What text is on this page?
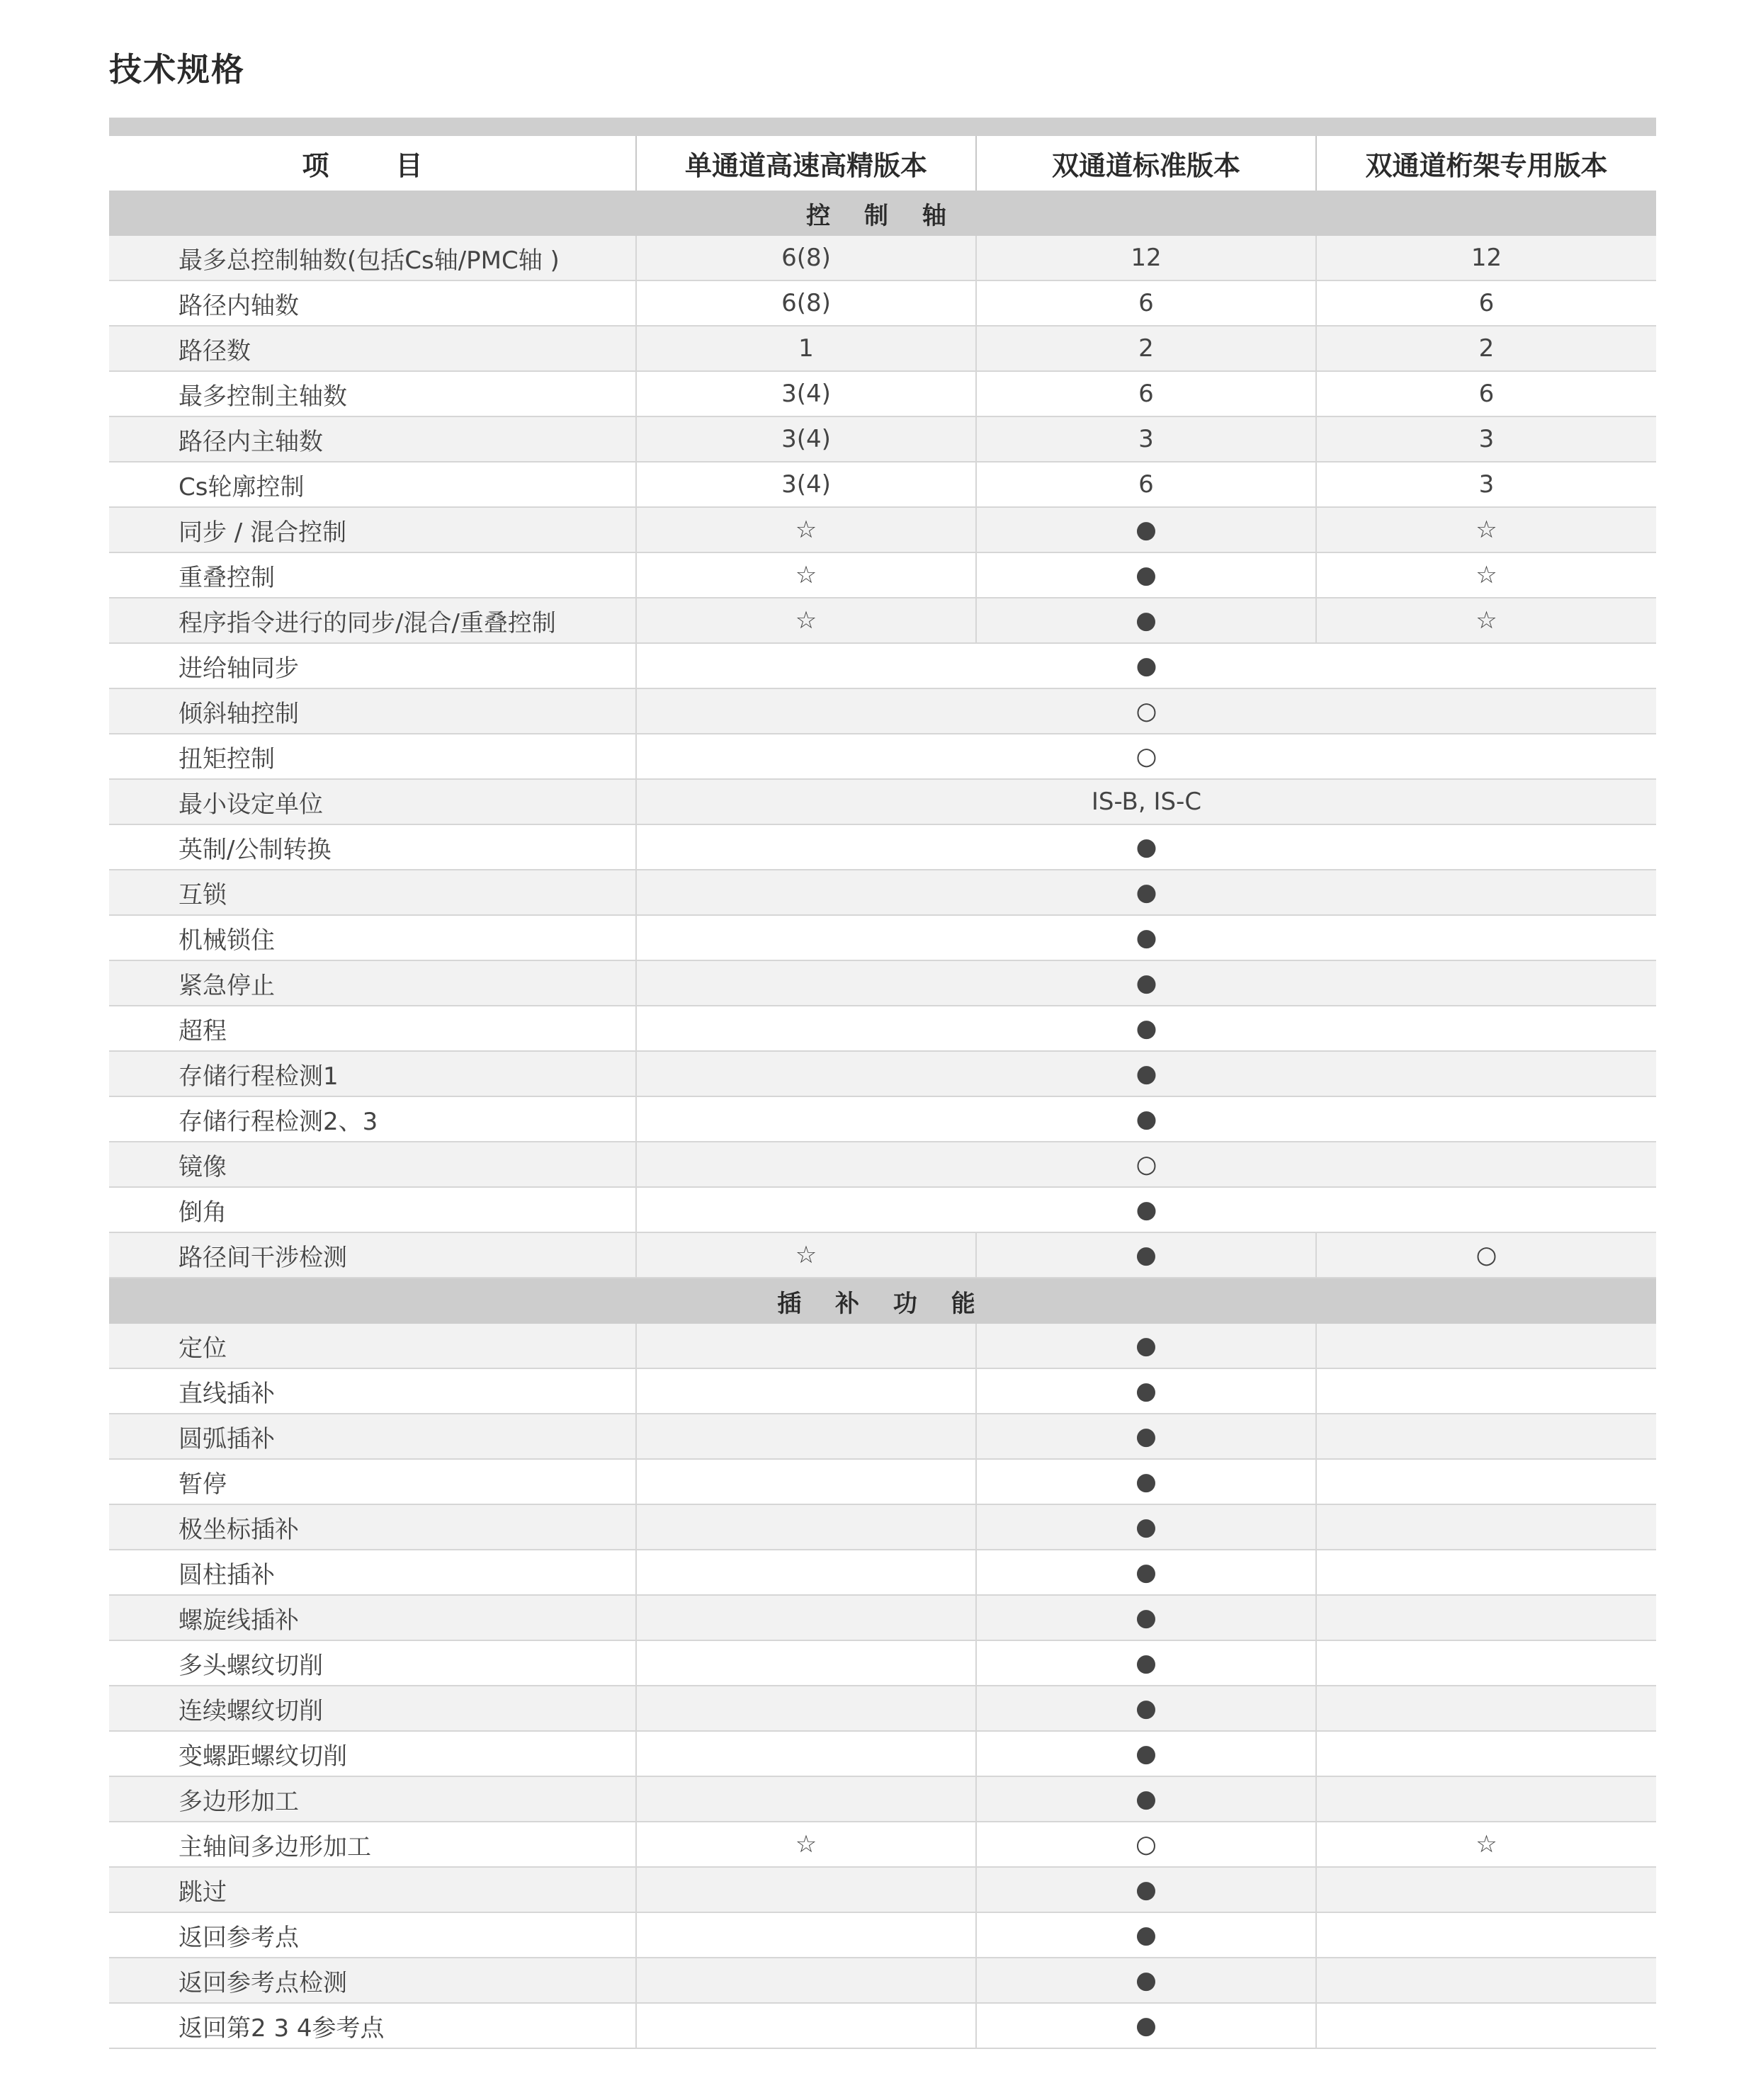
技术规格
项　目	单通道高速高精版本	双通道标准版本	双通道桁架专用版本
控 制 轴			
最多总控制轴数(包括Cs轴/PMC轴 )	6(8)	12	12
路径内轴数	6(8)	6	6
路径数	1	2	2
最多控制主轴数	3(4)	6	6
路径内主轴数	3(4)	3	3
Cs轮廓控制	3(4)	6	3
同步 / 混合控制	☆	●	☆
重叠控制	☆	●	☆
程序指令进行的同步/混合/重叠控制	☆	●	☆
进给轴同步	●		
倾斜轴控制	○		
扭矩控制	○		
最小设定单位	IS-B, IS-C		
英制/公制转换	●		
互锁	●		
机械锁住	●		
紧急停止	●		
超程	●		
存储行程检测1	●		
存储行程检测2、3	●		
镜像	○		
倒角	●		
路径间干涉检测	☆	●	○
插 补 功 能			
定位		●	
直线插补		●	
圆弧插补		●	
暂停		●	
极坐标插补		●	
圆柱插补		●	
螺旋线插补		●	
多头螺纹切削		●	
连续螺纹切削		●	
变螺距螺纹切削		●	
多边形加工		●	
主轴间多边形加工	☆	○	☆
跳过		●	
返回参考点		●	
返回参考点检测		●	
返回第2 3 4参考点		●	
